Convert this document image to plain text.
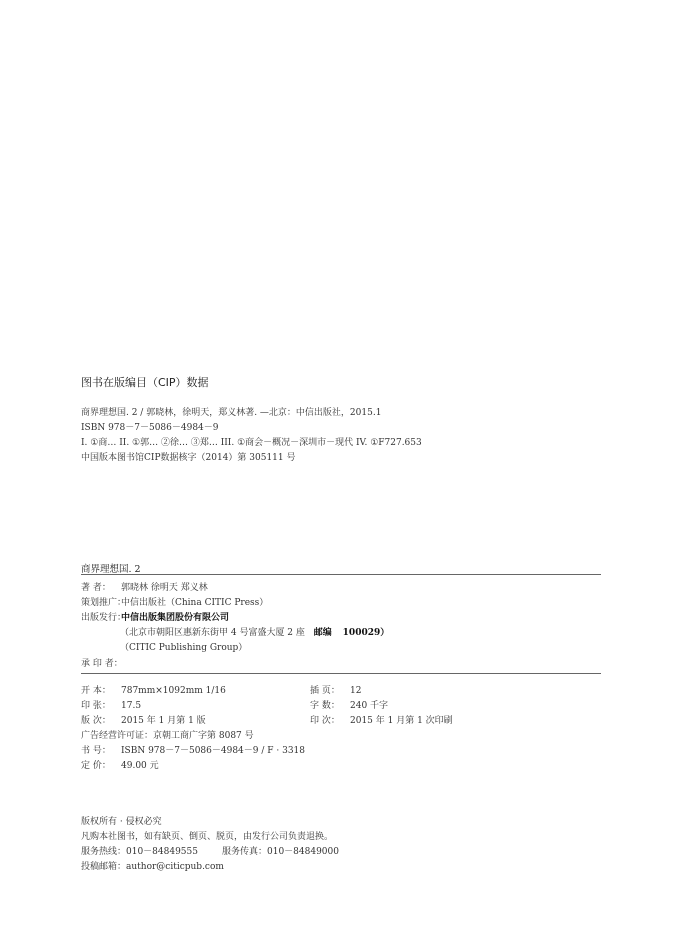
图书在版编目（CIP）数据
商界理想国. 2 / 郭晓林，徐明天，郑义林著. —北京：中信出版社，2015.1
ISBN 978－7－5086－4984－9
I. ①商… II. ①郭… ②徐… ③郑… III. ①商会－概况－深圳市－现代 IV. ①F727.653
中国版本图书馆CIP数据核字（2014）第 305111 号
商界理想国. 2
著 者： 郭晓林 徐明天 郑义林
策划推广：中信出版社（China CITIC Press）
出版发行：中信出版集团股份有限公司
（北京市朝阳区惠新东街甲 4 号富盛大厦 2 座 邮编 100029）
（CITIC Publishing Group）
承 印 者：
开 本： 787mm×1092mm 1/16	插 页： 12
印 张： 17.5	字 数： 240 千字
版 次： 2015 年 1 月第 1 版	印 次： 2015 年 1 月第 1 次印刷
广告经营许可证：京朝工商广字第 8087 号
书 号： ISBN 978－7－5086－4984－9 / F · 3318
定 价： 49.00 元
版权所有 · 侵权必究
凡购本社图书，如有缺页、倒页、脱页，由发行公司负责退换。
服务热线：010－84849555	服务传真：010－84849000
投稿邮箱：author@citicpub.com
